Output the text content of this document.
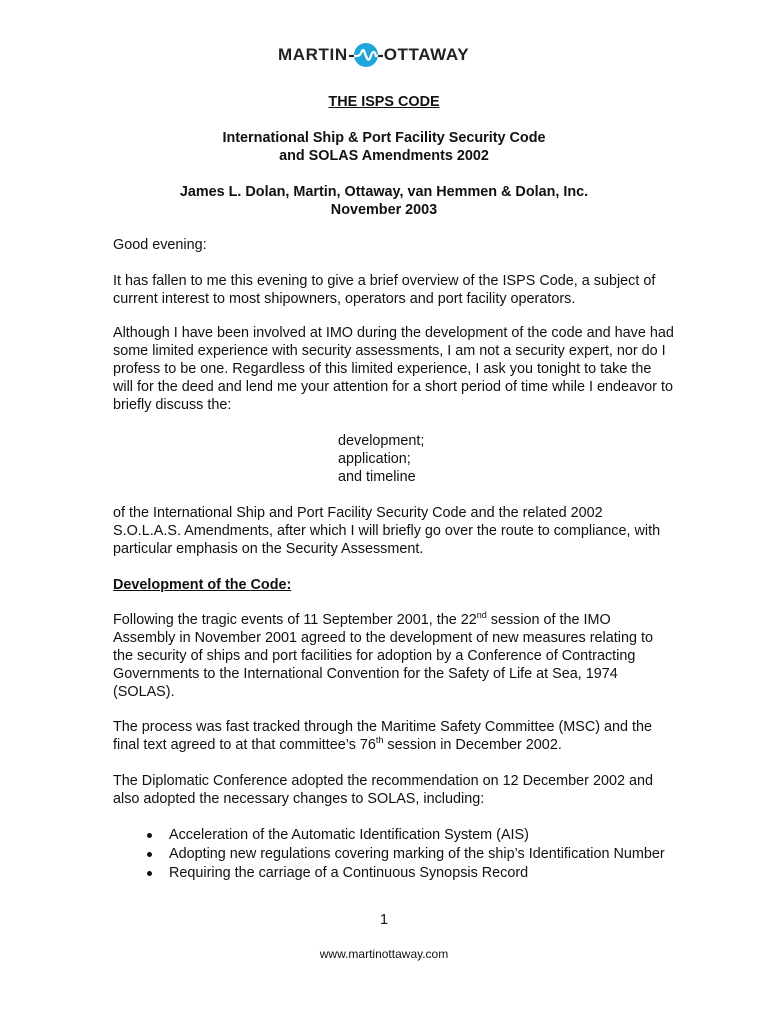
MARTIN OTTAWAY
THE ISPS CODE
International Ship & Port Facility Security Code
and SOLAS Amendments 2002
James L. Dolan, Martin, Ottaway, van Hemmen & Dolan, Inc.
November 2003

Good evening:

It has fallen to me this evening to give a brief overview of the ISPS Code, a subject of
current interest to most shipowners, operators and port facility operators.

Although I have been involved at IMO during the development of the code and have had
some limited experience with security assessments, I am not a security expert, nor do I
profess to be one. Regardless of this limited experience, I ask you tonight to take the
will for the deed and lend me your attention for a short period of time while I endeavor to
briefly discuss the:

development;
application;
and timeline

of the International Ship and Port Facility Security Code and the related 2002
S.O.L.A.S. Amendments, after which I will briefly go over the route to compliance, with
particular emphasis on the Security Assessment.

Development of the Code:

Following the tragic events of 11 September 2001, the 22nd session of the IMO
Assembly in November 2001 agreed to the development of new measures relating to
the security of ships and port facilities for adoption by a Conference of Contracting
Governments to the International Convention for the Safety of Life at Sea, 1974
(SOLAS).

The process was fast tracked through the Maritime Safety Committee (MSC) and the
final text agreed to at that committee’s 76th session in December 2002.

The Diplomatic Conference adopted the recommendation on 12 December 2002 and
also adopted the necessary changes to SOLAS, including:

Acceleration of the Automatic Identification System (AIS)
Adopting new regulations covering marking of the ship’s Identification Number
Requiring the carriage of a Continuous Synopsis Record
1
www.martinottaway.com
